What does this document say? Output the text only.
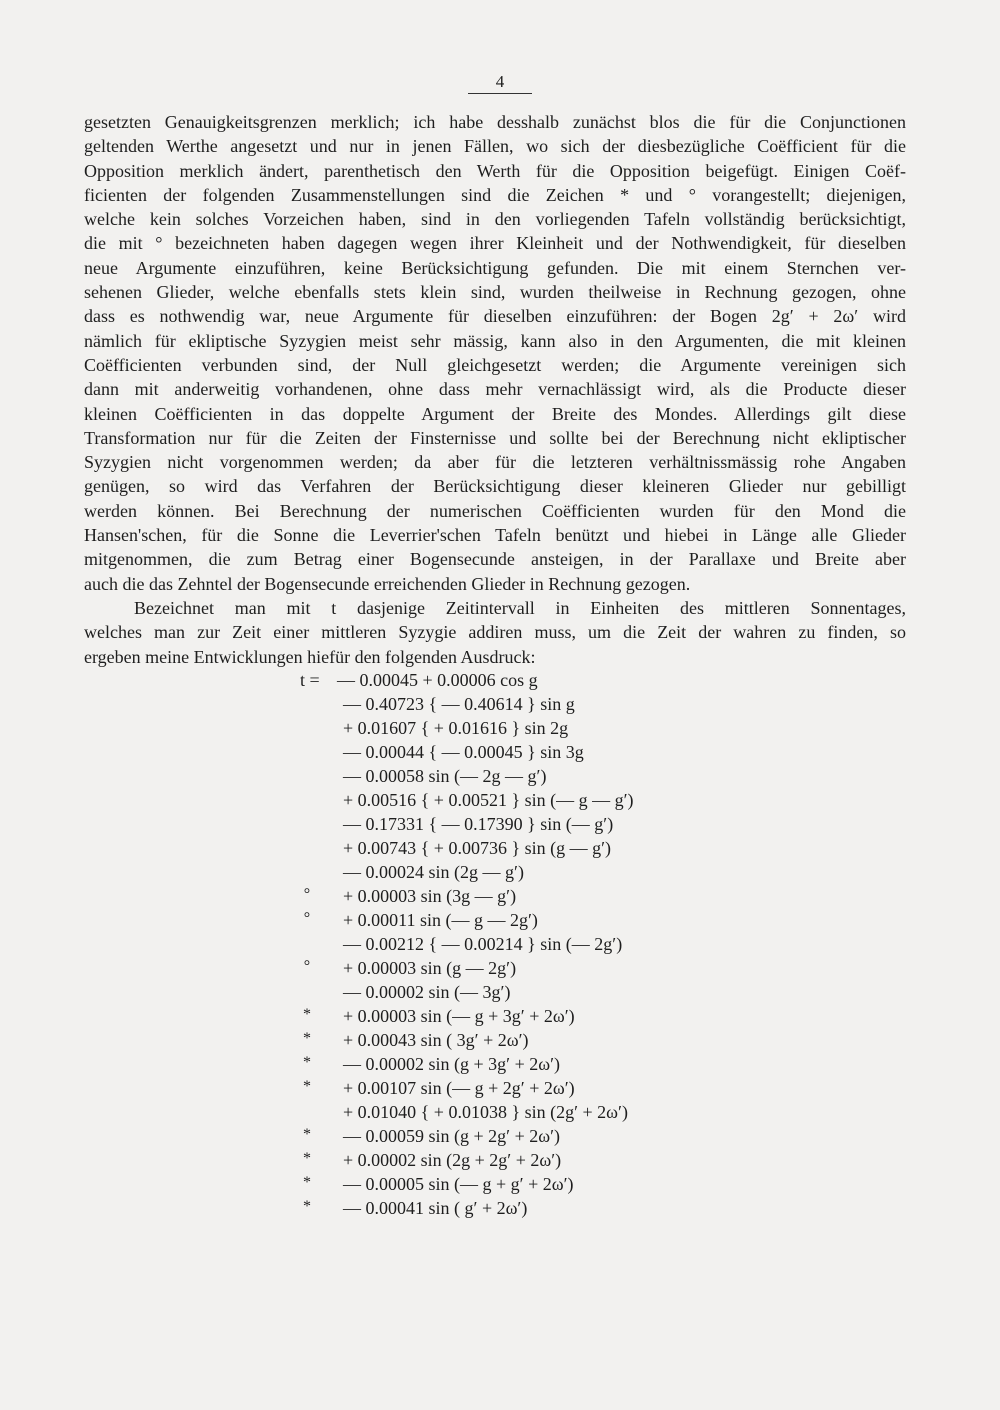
4
gesetzten Genauigkeitsgrenzen merklich; ich habe desshalb zunächst blos die für die Conjunctionen
geltenden Werthe angesetzt und nur in jenen Fällen, wo sich der diesbezügliche Coëfficient für die
Opposition merklich ändert, parenthetisch den Werth für die Opposition beigefügt. Einigen Coëf-
ficienten der folgenden Zusammenstellungen sind die Zeichen * und ° vorangestellt; diejenigen,
welche kein solches Vorzeichen haben, sind in den vorliegenden Tafeln vollständig berücksichtigt,
die mit ° bezeichneten haben dagegen wegen ihrer Kleinheit und der Nothwendigkeit, für dieselben
neue Argumente einzuführen, keine Berücksichtigung gefunden. Die mit einem Sternchen ver-
sehenen Glieder, welche ebenfalls stets klein sind, wurden theilweise in Rechnung gezogen, ohne
dass es nothwendig war, neue Argumente für dieselben einzuführen: der Bogen 2g′ + 2ω′ wird
nämlich für ekliptische Syzygien meist sehr mässig, kann also in den Argumenten, die mit kleinen
Coëfficienten verbunden sind, der Null gleichgesetzt werden; die Argumente vereinigen sich
dann mit anderweitig vorhandenen, ohne dass mehr vernachlässigt wird, als die Producte dieser
kleinen Coëfficienten in das doppelte Argument der Breite des Mondes. Allerdings gilt diese
Transformation nur für die Zeiten der Finsternisse und sollte bei der Berechnung nicht ekliptischer
Syzygien nicht vorgenommen werden; da aber für die letzteren verhältnissmässig rohe Angaben
genügen, so wird das Verfahren der Berücksichtigung dieser kleineren Glieder nur gebilligt
werden können. Bei Berechnung der numerischen Coëfficienten wurden für den Mond die
Hansen'schen, für die Sonne die Leverrier'schen Tafeln benützt und hiebei in Länge alle Glieder
mitgenommen, die zum Betrag einer Bogensecunde ansteigen, in der Parallaxe und Breite aber
auch die das Zehntel der Bogensecunde erreichenden Glieder in Rechnung gezogen.
Bezeichnet man mit t dasjenige Zeitintervall in Einheiten des mittleren Sonnentages,
welches man zur Zeit einer mittleren Syzygie addiren muss, um die Zeit der wahren zu finden, so
ergeben meine Entwicklungen hiefür den folgenden Ausdruck:
t = — 0.00045 + 0.00006 cos g
— 0.40723 { — 0.40614 } sin g
+ 0.01607 { + 0.01616 } sin 2g
— 0.00044 { — 0.00045 } sin 3g
— 0.00058 sin (— 2g — g′)
+ 0.00516 { + 0.00521 } sin (— g — g′)
— 0.17331 { — 0.17390 } sin (— g′)
+ 0.00743 { + 0.00736 } sin (g — g′)
— 0.00024 sin (2g — g′)
° + 0.00003 sin (3g — g′)
° + 0.00011 sin (— g — 2g′)
— 0.00212 { — 0.00214 } sin (— 2g′)
° + 0.00003 sin (g — 2g′)
— 0.00002 sin (— 3g′)
* + 0.00003 sin (— g + 3g′ + 2ω′)
* + 0.00043 sin ( 3g′ + 2ω′)
* — 0.00002 sin (g + 3g′ + 2ω′)
* + 0.00107 sin (— g + 2g′ + 2ω′)
+ 0.01040 { + 0.01038 } sin (2g′ + 2ω′)
* — 0.00059 sin (g + 2g′ + 2ω′)
* + 0.00002 sin (2g + 2g′ + 2ω′)
* — 0.00005 sin (— g + g′ + 2ω′)
* — 0.00041 sin ( g′ + 2ω′)
